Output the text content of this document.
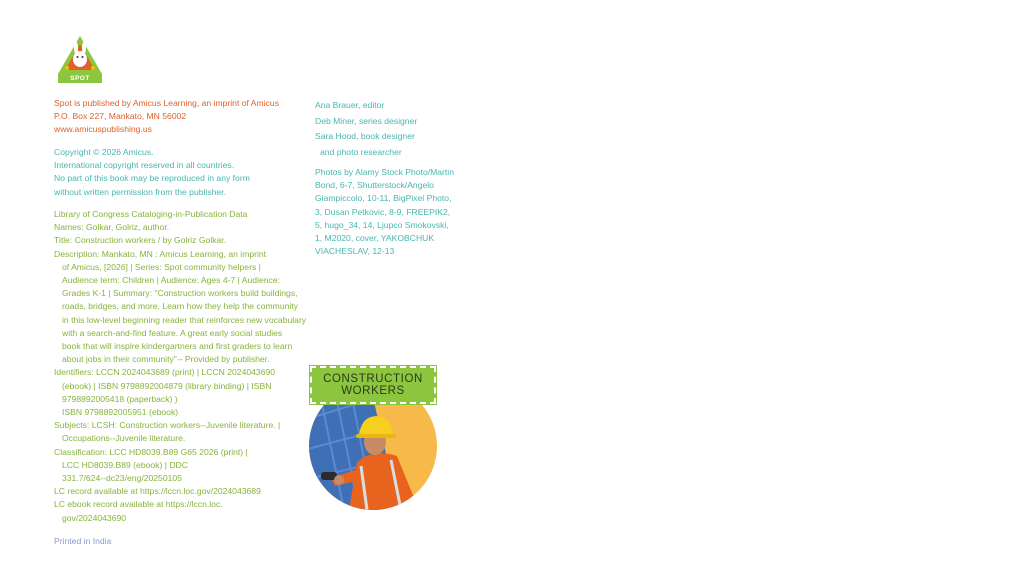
SPOT
Spot is published by Amicus Learning, an imprint of Amicus
P.O. Box 227, Mankato, MN 56002
www.amicuspublishing.us
Copyright © 2026 Amicus.
International copyright reserved in all countries.
No part of this book may be reproduced in any form
without written permission from the publisher.
Library of Congress Cataloging-in-Publication Data
Names: Golkar, Golriz, author.
Title: Construction workers / by Golriz Golkar.
Description: Mankato, MN : Amicus Learning, an imprint
of Amicus, [2026] | Series: Spot community helpers |
Audience term: Children | Audience: Ages 4-7 | Audience:
Grades K-1 | Summary: "Construction workers build buildings,
roads, bridges, and more. Learn how they help the community
in this low-level beginning reader that reinforces new vocabulary
with a search-and-find feature. A great early social studies
book that will inspire kindergartners and first graders to learn
about jobs in their community"-- Provided by publisher.
Identifiers: LCCN 2024043689 (print) | LCCN 2024043690
(ebook) | ISBN 9798892004879 (library binding) | ISBN
9798892005418 (paperback) )
ISBN 9798892005951 (ebook)
Subjects: LCSH: Construction workers--Juvenile literature. |
Occupations--Juvenile literature.
Classification: LCC HD8039.B89 G65 2026 (print) |
LCC HD8039.B89 (ebook) | DDC
331.7/624--dc23/eng/20250105
LC record available at https://lccn.loc.gov/2024043689
LC ebook record available at https://lccn.loc.
gov/2024043690
Printed in India
Ana Brauer, editor
Deb Miner, series designer
Sara Hood, book designer
and photo researcher
Photos by Alamy Stock Photo/Martin
Bond, 6-7, Shutterstock/Angelo
Giampiccolo, 10-11, BigPixel Photo,
3, Dusan Petkovic, 8-9, FREEPIK2,
5, hugo_34, 14, Ljupco Smokovski,
1, M2020, cover, YAKOBCHUK
VIACHESLAV, 12-13
CONSTRUCTION
WORKERS
